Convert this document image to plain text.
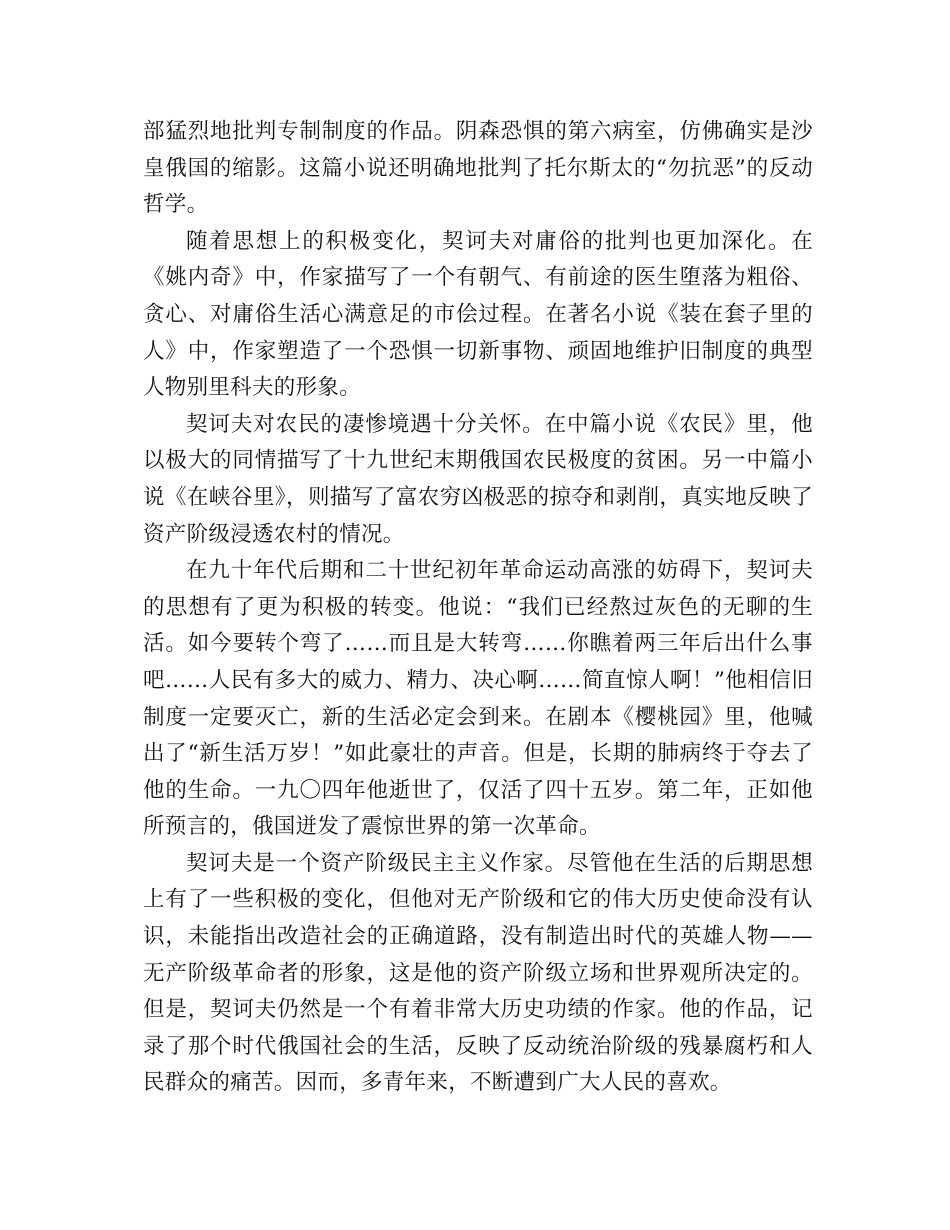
部猛烈地批判专制制度的作品。阴森恐惧的第六病室，仿佛确实是沙皇俄国的缩影。这篇小说还明确地批判了托尔斯太的“勿抗恶”的反动哲学。

随着思想上的积极变化，契诃夫对庸俗的批判也更加深化。在《姚内奇》中，作家描写了一个有朝气、有前途的医生堕落为粗俗、贪心、对庸俗生活心满意足的市侩过程。在著名小说《装在套子里的人》中，作家塑造了一个恐惧一切新事物、顽固地维护旧制度的典型人物别里科夫的形象。

契诃夫对农民的凄惨境遇十分关怀。在中篇小说《农民》里，他以极大的同情描写了十九世纪末期俄国农民极度的贫困。另一中篇小说《在峡谷里》，则描写了富农穷凶极恶的掠夺和剥削，真实地反映了资产阶级浸透农村的情况。

在九十年代后期和二十世纪初年革命运动高涨的妨碍下，契诃夫的思想有了更为积极的转变。他说：“我们已经熬过灰色的无聊的生活。如今要转个弯了……而且是大转弯……你瞧着两三年后出什么事吧……人民有多大的威力、精力、决心啊……简直惊人啊！”他相信旧制度一定要灭亡，新的生活必定会到来。在剧本《樱桃园》里，他喊出了“新生活万岁！”如此豪壮的声音。但是，长期的肺病终于夺去了他的生命。一九〇四年他逝世了，仅活了四十五岁。第二年，正如他所预言的，俄国迸发了震惊世界的第一次革命。

契诃夫是一个资产阶级民主主义作家。尽管他在生活的后期思想上有了一些积极的变化，但他对无产阶级和它的伟大历史使命没有认识，未能指出改造社会的正确道路，没有制造出时代的英雄人物——无产阶级革命者的形象，这是他的资产阶级立场和世界观所决定的。但是，契诃夫仍然是一个有着非常大历史功绩的作家。他的作品，记录了那个时代俄国社会的生活，反映了反动统治阶级的残暴腐朽和人民群众的痛苦。因而，多青年来，不断遭到广大人民的喜欢。
